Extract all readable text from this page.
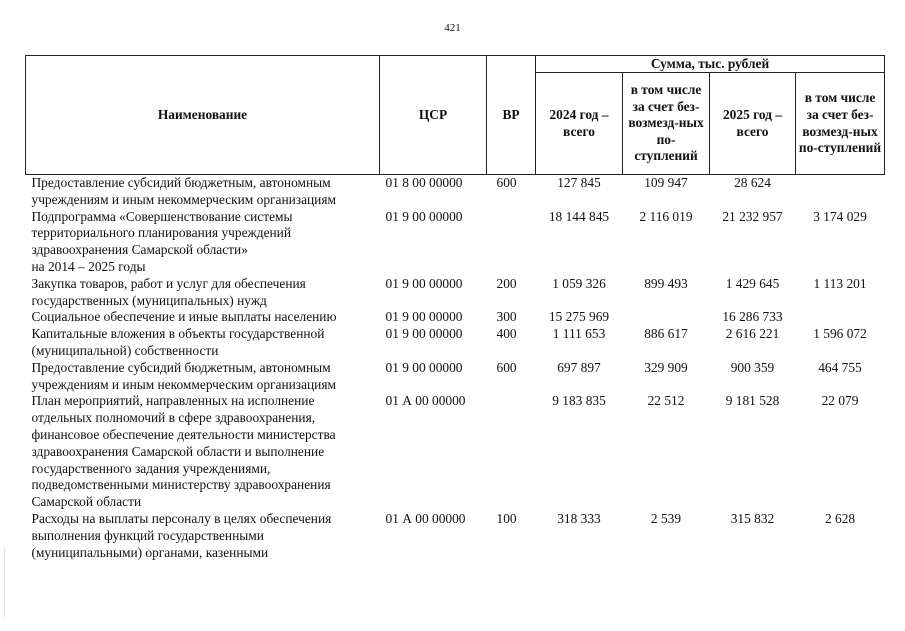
421
Наименование	ЦСР	ВР	Сумма, тыс. рублей			
			2024 год – всего	в том числе за счет без-возмезд-ных по-ступлений	2025 год – всего	в том числе за счет без-возмезд-ных по-ступлений
Предоставление субсидий бюджетным, автономным учреждениям и иным некоммерческим организациям	01 8 00 00000	600	127 845	109 947	28 624	
Подпрограмма «Совершенствование системы территориального планирования учреждений здравоохранения Самарской области»
на 2014 – 2025 годы	01 9 00 00000		18 144 845	2 116 019	21 232 957	3 174 029
Закупка товаров, работ и услуг для обеспечения государственных (муниципальных) нужд	01 9 00 00000	200	1 059 326	899 493	1 429 645	1 113 201
Социальное обеспечение и иные выплаты населению	01 9 00 00000	300	15 275 969		16 286 733	
Капитальные вложения в объекты государственной (муниципальной) собственности	01 9 00 00000	400	1 111 653	886 617	2 616 221	1 596 072
Предоставление субсидий бюджетным, автономным учреждениям и иным некоммерческим организациям	01 9 00 00000	600	697 897	329 909	900 359	464 755
План мероприятий, направленных на исполнение отдельных полномочий в сфере здравоохранения, финансовое обеспечение деятельности министерства здравоохранения Самарской области и выполнение государственного задания учреждениями, подведомственными министерству здравоохранения Самарской области	01 А 00 00000		9 183 835	22 512	9 181 528	22 079
Расходы на выплаты персоналу в целях обеспечения выполнения функций государственными (муниципальными) органами, казенными	01 А 00 00000	100	318 333	2 539	315 832	2 628
